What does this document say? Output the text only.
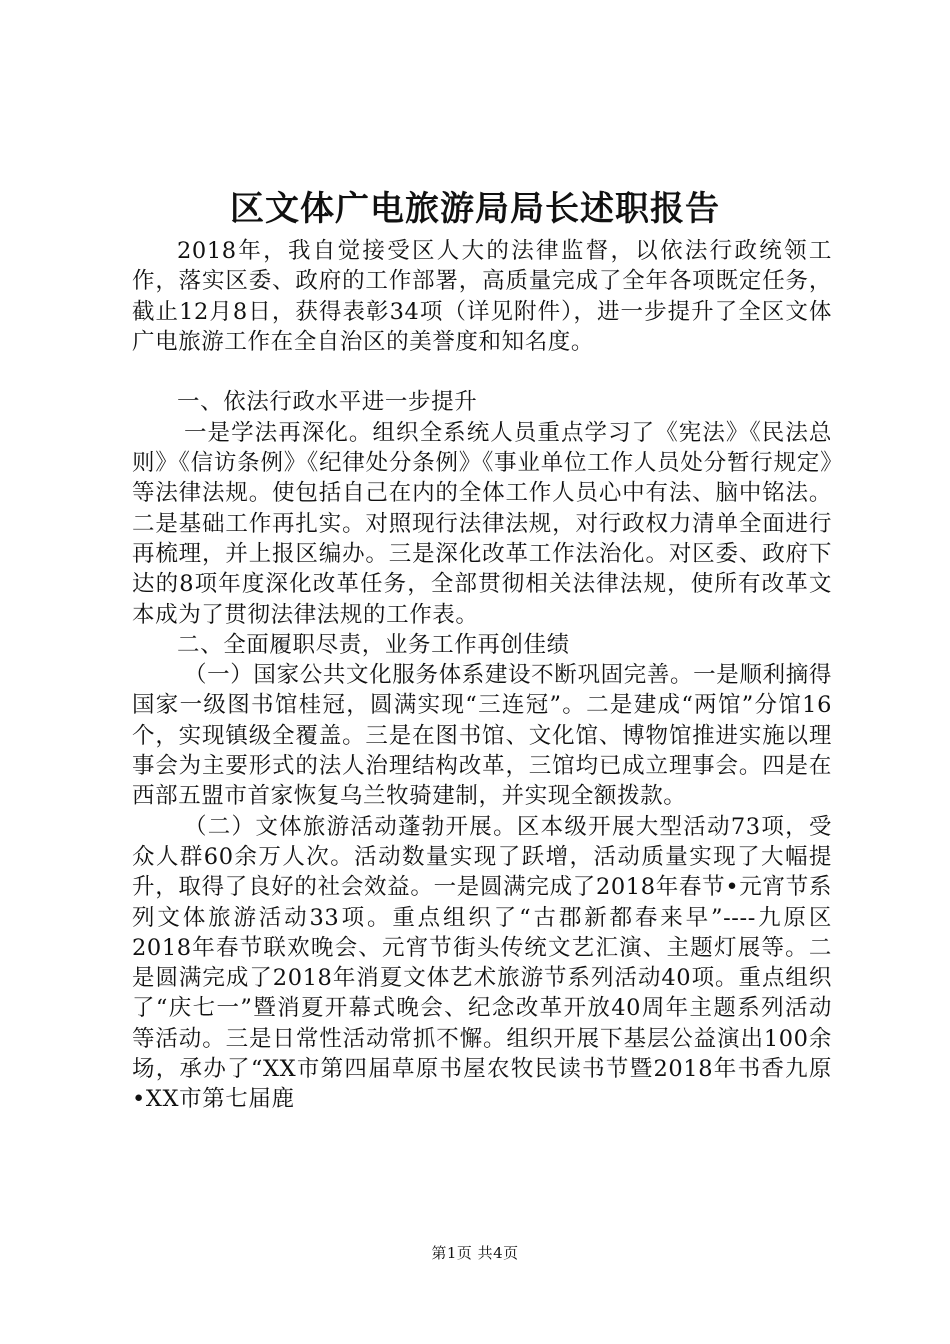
区文体广电旅游局局长述职报告

2018年，我自觉接受区人大的法律监督，以依法行政统领工作，落实区委、政府的工作部署，高质量完成了全年各项既定任务，截止12月8日，获得表彰34项（详见附件），进一步提升了全区文体广电旅游工作在全自治区的美誉度和知名度。

一、依法行政水平进一步提升

一是学法再深化。组织全系统人员重点学习了《宪法》《民法总则》《信访条例》《纪律处分条例》《事业单位工作人员处分暂行规定》等法律法规。使包括自己在内的全体工作人员心中有法、脑中铭法。二是基础工作再扎实。对照现行法律法规，对行政权力清单全面进行再梳理，并上报区编办。三是深化改革工作法治化。对区委、政府下达的8项年度深化改革任务，全部贯彻相关法律法规，使所有改革文本成为了贯彻法律法规的工作表。

二、全面履职尽责，业务工作再创佳绩

（一）国家公共文化服务体系建设不断巩固完善。一是顺利摘得国家一级图书馆桂冠，圆满实现“三连冠”。二是建成“两馆”分馆16个，实现镇级全覆盖。三是在图书馆、文化馆、博物馆推进实施以理事会为主要形式的法人治理结构改革，三馆均已成立理事会。四是在西部五盟市首家恢复乌兰牧骑建制，并实现全额拨款。

（二）文体旅游活动蓬勃开展。区本级开展大型活动73项，受众人群60余万人次。活动数量实现了跃增，活动质量实现了大幅提升，取得了良好的社会效益。一是圆满完成了2018年春节•元宵节系列文体旅游活动33项。重点组织了“古郡新都春来早”----九原区2018年春节联欢晚会、元宵节街头传统文艺汇演、主题灯展等。二是圆满完成了2018年消夏文体艺术旅游节系列活动40项。重点组织了“庆七一”暨消夏开幕式晚会、纪念改革开放40周年主题系列活动等活动。三是日常性活动常抓不懈。组织开展下基层公益演出100余场，承办了“XX市第四届草原书屋农牧民读书节暨2018年书香九原•XX市第七届鹿

第1页 共4页
